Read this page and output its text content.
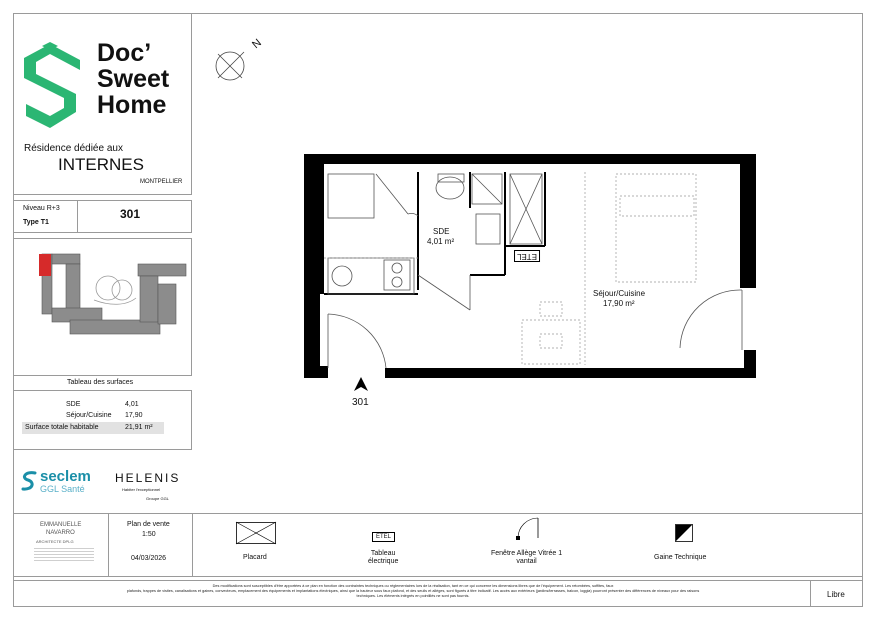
Doc’
Sweet
Home
Résidence dédiée aux
INTERNES
MONTPELLIER
Niveau R+3
Type T1
301
Tableau des surfaces
SDE	4,01
Séjour/Cuisine 17,90
Surface totale habitable	21,91 m²
seclem
GGL Santé
HELENIS
Habiter l'exceptionnel
Groupe GGL
N
SDE
4,01 m²
ETEL
Séjour/Cuisine
17,90 m²
301
EMMANUELLE
NAVARRO
ARCHITECTE DPLG
Plan de vente
1:50
04/03/2026	Placard
ETEL
Tableau
électrique
Fenêtre Allège Vitrée 1
vantail
Gaine Technique
Des modifications sont susceptibles d'être apportées à ce plan en fonction des contraintes techniques ou réglementaires lors de la réalisation, tant en ce qui concerne les dimensions libres que de l'équipement. Les retombées, soffites, faux
plafonds, trappes de visites, canalisations et gaines, convecteurs, emplacement des équipements et implantations électriques, ainsi que la hauteur sous faux plafond, et des seuils et allèges, sont figurés à titre indicatif. Les accès aux extérieurs (jardins/terrasses, balcon, loggia) pourront présenter des différences de niveaux pour des raisons
techniques. Les éléments intégrés en pointillés ne sont pas fournis.	Libre
